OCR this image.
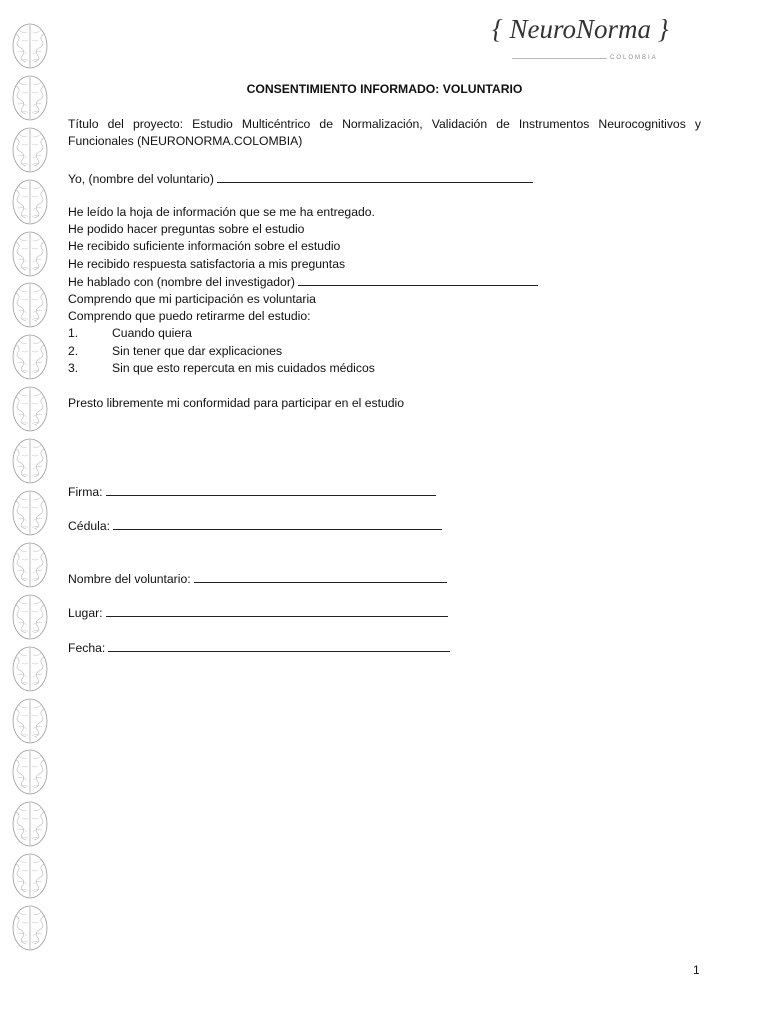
{ NeuroNorma }
COLOMBIA
CONSENTIMIENTO INFORMADO: VOLUNTARIO
Título del proyecto: Estudio Multicéntrico de Normalización, Validación de Instrumentos Neurocognitivos y Funcionales (NEURONORMA.COLOMBIA)
Yo, (nombre del voluntario)
He leído la hoja de información que se me ha entregado.
He podido hacer preguntas sobre el estudio
He recibido suficiente información sobre el estudio
He recibido respuesta satisfactoria a mis preguntas
He hablado con (nombre del investigador)
Comprendo que mi participación es voluntaria
Comprendo que puedo retirarme del estudio:
1.	Cuando quiera
2.	Sin tener que dar explicaciones
3.	Sin que esto repercuta en mis cuidados médicos
Presto libremente mi conformidad para participar en el estudio
Firma:
Cédula:
Nombre del voluntario:
Lugar:
Fecha:
1
